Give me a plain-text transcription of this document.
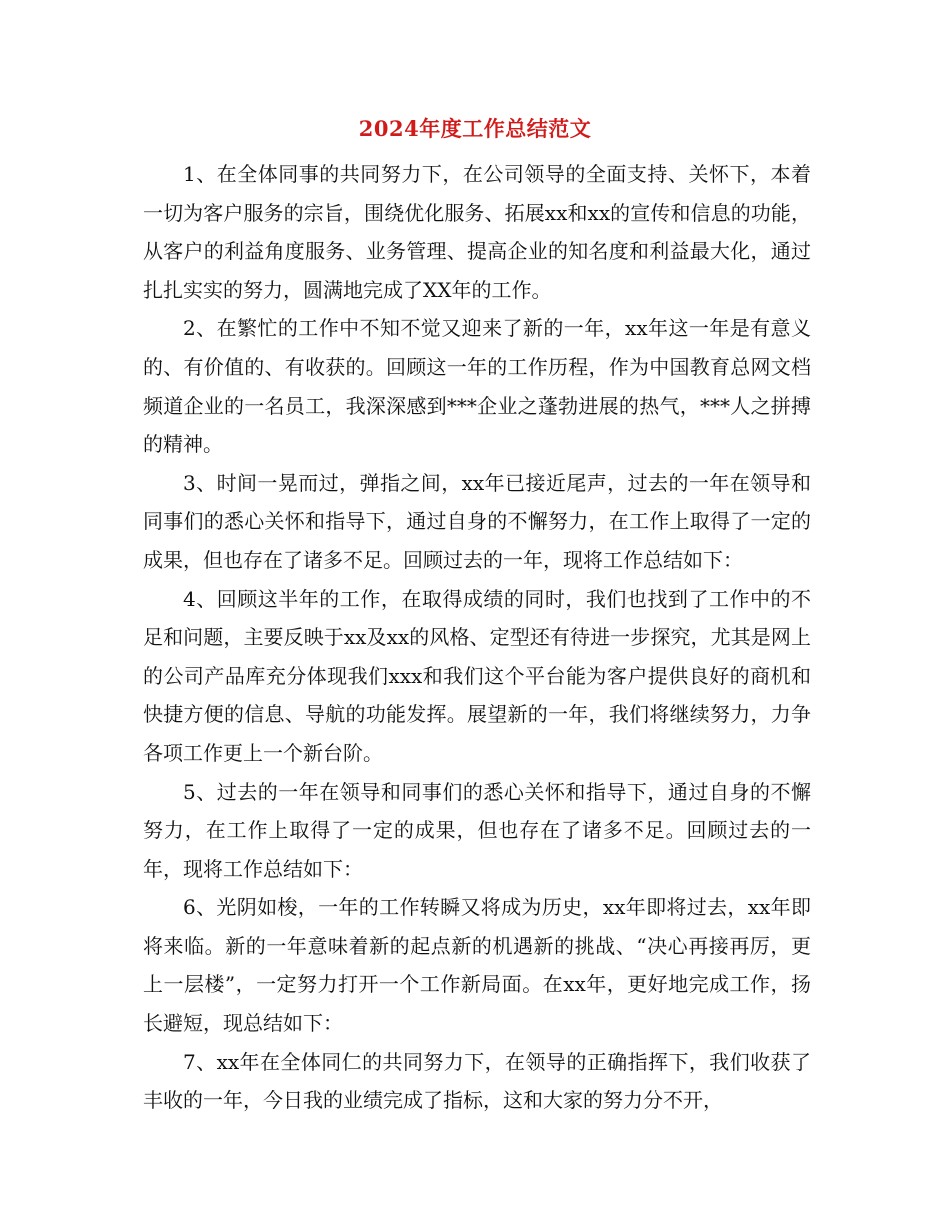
2024年度工作总结范文

1、在全体同事的共同努力下，在公司领导的全面支持、关怀下，本着一切为客户服务的宗旨，围绕优化服务、拓展xx和xx的宣传和信息的功能，从客户的利益角度服务、业务管理、提高企业的知名度和利益最大化，通过扎扎实实的努力，圆满地完成了XX年的工作。

2、在繁忙的工作中不知不觉又迎来了新的一年，xx年这一年是有意义的、有价值的、有收获的。回顾这一年的工作历程，作为中国教育总网文档频道企业的一名员工，我深深感到***企业之蓬勃进展的热气，***人之拼搏的精神。

3、时间一晃而过，弹指之间，xx年已接近尾声，过去的一年在领导和同事们的悉心关怀和指导下，通过自身的不懈努力，在工作上取得了一定的成果，但也存在了诸多不足。回顾过去的一年，现将工作总结如下：

4、回顾这半年的工作，在取得成绩的同时，我们也找到了工作中的不足和问题，主要反映于xx及xx的风格、定型还有待进一步探究，尤其是网上的公司产品库充分体现我们xxx和我们这个平台能为客户提供良好的商机和快捷方便的信息、导航的功能发挥。展望新的一年，我们将继续努力，力争各项工作更上一个新台阶。

5、过去的一年在领导和同事们的悉心关怀和指导下，通过自身的不懈努力，在工作上取得了一定的成果，但也存在了诸多不足。回顾过去的一年，现将工作总结如下：

6、光阴如梭，一年的工作转瞬又将成为历史，xx年即将过去，xx年即将来临。新的一年意味着新的起点新的机遇新的挑战、“决心再接再厉，更上一层楼”，一定努力打开一个工作新局面。在xx年，更好地完成工作，扬长避短，现总结如下：

7、xx年在全体同仁的共同努力下，在领导的正确指挥下，我们收获了丰收的一年，今日我的业绩完成了指标，这和大家的努力分不开，
